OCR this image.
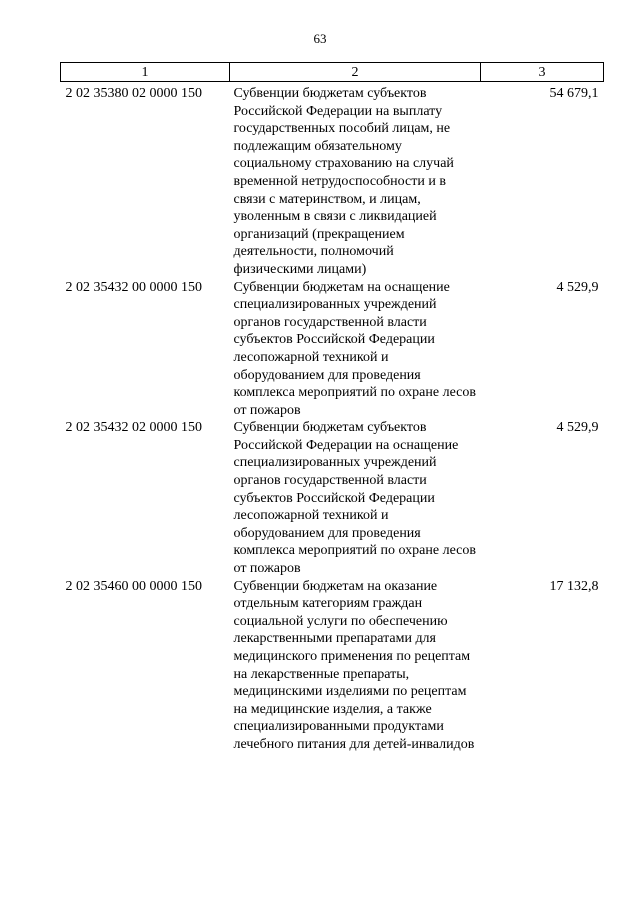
63
1	2	3
2 02 35380 02 0000 150	Субвенции бюджетам субъектов Российской Федерации на выплату государственных пособий лицам, не подлежащим обязательному социальному страхованию на случай временной нетрудоспособности и в связи с материнством, и лицам, уволенным в связи с ликвидацией организаций (прекращением деятельности, полномочий физическими лицами)	54 679,1
2 02 35432 00 0000 150	Субвенции бюджетам на оснащение специализированных учреждений органов государственной власти субъектов Российской Федерации лесопожарной техникой и оборудованием для проведения комплекса мероприятий по охране лесов от пожаров	4 529,9
2 02 35432 02 0000 150	Субвенции бюджетам субъектов Российской Федерации на оснащение специализированных учреждений органов государственной власти субъектов Российской Федерации лесопожарной техникой и оборудованием для проведения комплекса мероприятий по охране лесов от пожаров	4 529,9
2 02 35460 00 0000 150	Субвенции бюджетам на оказание отдельным категориям граждан социальной услуги по обеспечению лекарственными препаратами для медицинского применения по рецептам на лекарственные препараты, медицинскими изделиями по рецептам на медицинские изделия, а также специализированными продуктами лечебного питания для детей-инвалидов	17 132,8
